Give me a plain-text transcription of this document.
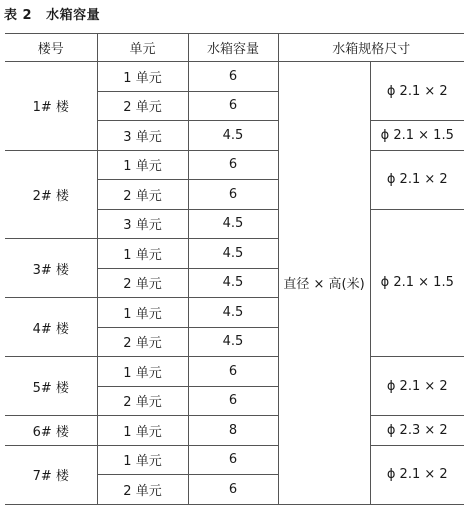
表 2 水箱容量
楼号	单元	水箱容量	水箱规格尺寸	
1# 楼	1 单元	6	直径 × 高(米)	ϕ 2.1 × 2
	2 单元	6		
	3 单元	4.5		ϕ 2.1 × 1.5
2# 楼	1 单元	6		ϕ 2.1 × 2
	2 单元	6		
	3 单元	4.5		ϕ 2.1 × 1.5
3# 楼	1 单元	4.5		
	2 单元	4.5		
4# 楼	1 单元	4.5		
	2 单元	4.5		
5# 楼	1 单元	6		ϕ 2.1 × 2
	2 单元	6		
6# 楼	1 单元	8		ϕ 2.3 × 2
7# 楼	1 单元	6		ϕ 2.1 × 2
	2 单元	6		
